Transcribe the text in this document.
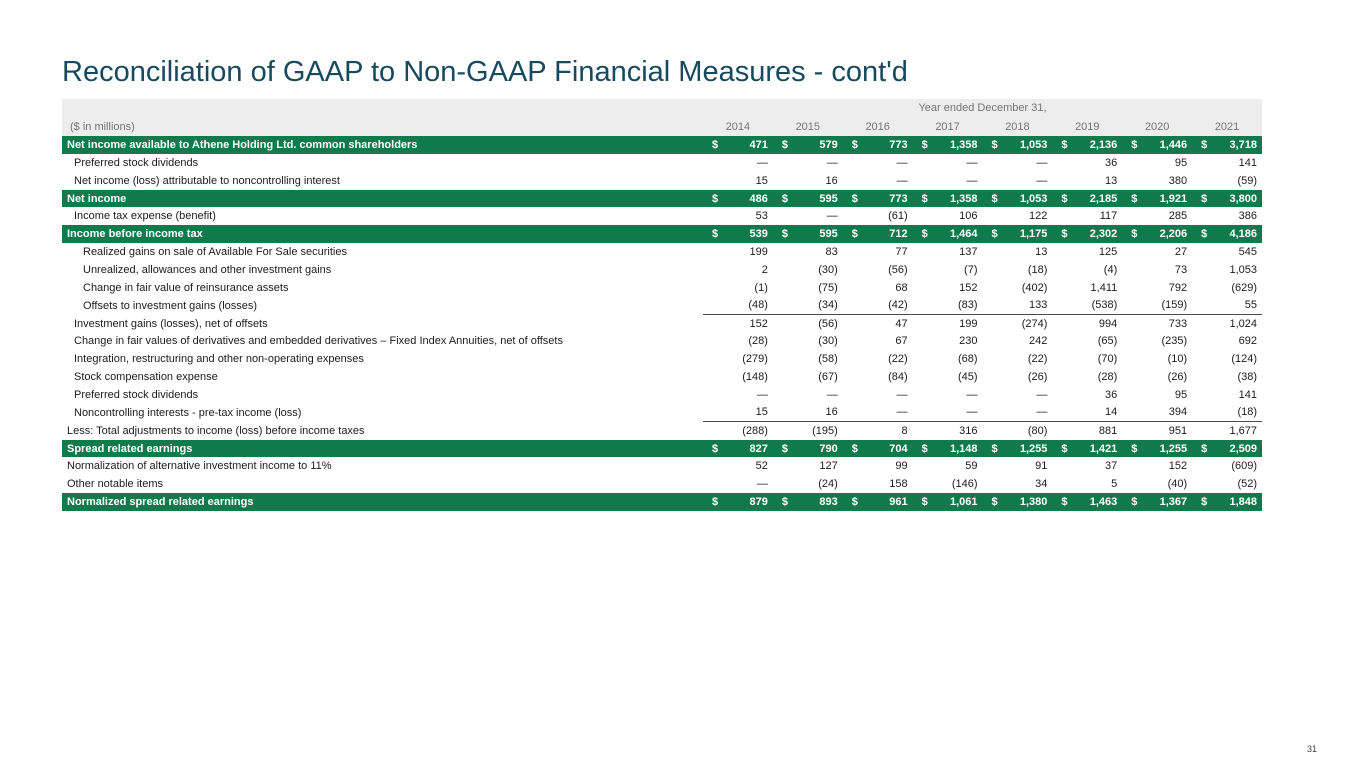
Reconciliation of GAAP to Non-GAAP Financial Measures - cont'd
Year ended December 31,
($ in millions)	2014	2015	2016	2017	2018	2019	2020	2021
Net income available to Athene Holding Ltd. common shareholders	$	471 $	579 $	773 $ 1,358 $ 1,053 $ 2,136 $ 1,446 $ 3,718
Preferred stock dividends	—	—	—	—	—	36	95	141
Net income (loss) attributable to noncontrolling interest	15	16	—	—	—	13	380	(59)
Net income	$	486 $	595 $	773 $ 1,358 $ 1,053 $ 2,185 $ 1,921 $ 3,800
Income tax expense (benefit)	53	—	(61)	106	122	117	285	386
Income before income tax	$	539 $	595 $	712 $ 1,464 $ 1,175 $ 2,302 $ 2,206 $ 4,186
Realized gains on sale of Available For Sale securities	199	83	77	137	13	125	27	545
Unrealized, allowances and other investment gains	2	(30)	(56)	(7)	(18)	(4)	73	1,053
Change in fair value of reinsurance assets	(1)	(75)	68	152	(402)	1,411	792	(629)
Offsets to investment gains (losses)	(48)	(34)	(42)	(83)	133	(538)	(159)	55
Investment gains (losses), net of offsets	152	(56)	47	199	(274)	994	733	1,024
Change in fair values of derivatives and embedded derivatives – Fixed Index Annuities, net of offsets	(28)	(30)	67	230	242	(65)	(235)	692
Integration, restructuring and other non-operating expenses	(279)	(58)	(22)	(68)	(22)	(70)	(10)	(124)
Stock compensation expense	(148)	(67)	(84)	(45)	(26)	(28)	(26)	(38)
Preferred stock dividends	—	—	—	—	—	36	95	141
Noncontrolling interests - pre-tax income (loss)	15	16	—	—	—	14	394	(18)
Less: Total adjustments to income (loss) before income taxes	(288)	(195)	8	316	(80)	881	951	1,677
Spread related earnings	$	827 $	790 $	704 $ 1,148 $ 1,255 $ 1,421 $ 1,255 $ 2,509
Normalization of alternative investment income to 11%	52	127	99	59	91	37	152	(609)
Other notable items	—	(24)	158	(146)	34	5	(40)	(52)
Normalized spread related earnings	$	879 $	893 $	961 $ 1,061 $ 1,380 $ 1,463 $ 1,367 $ 1,848
31
